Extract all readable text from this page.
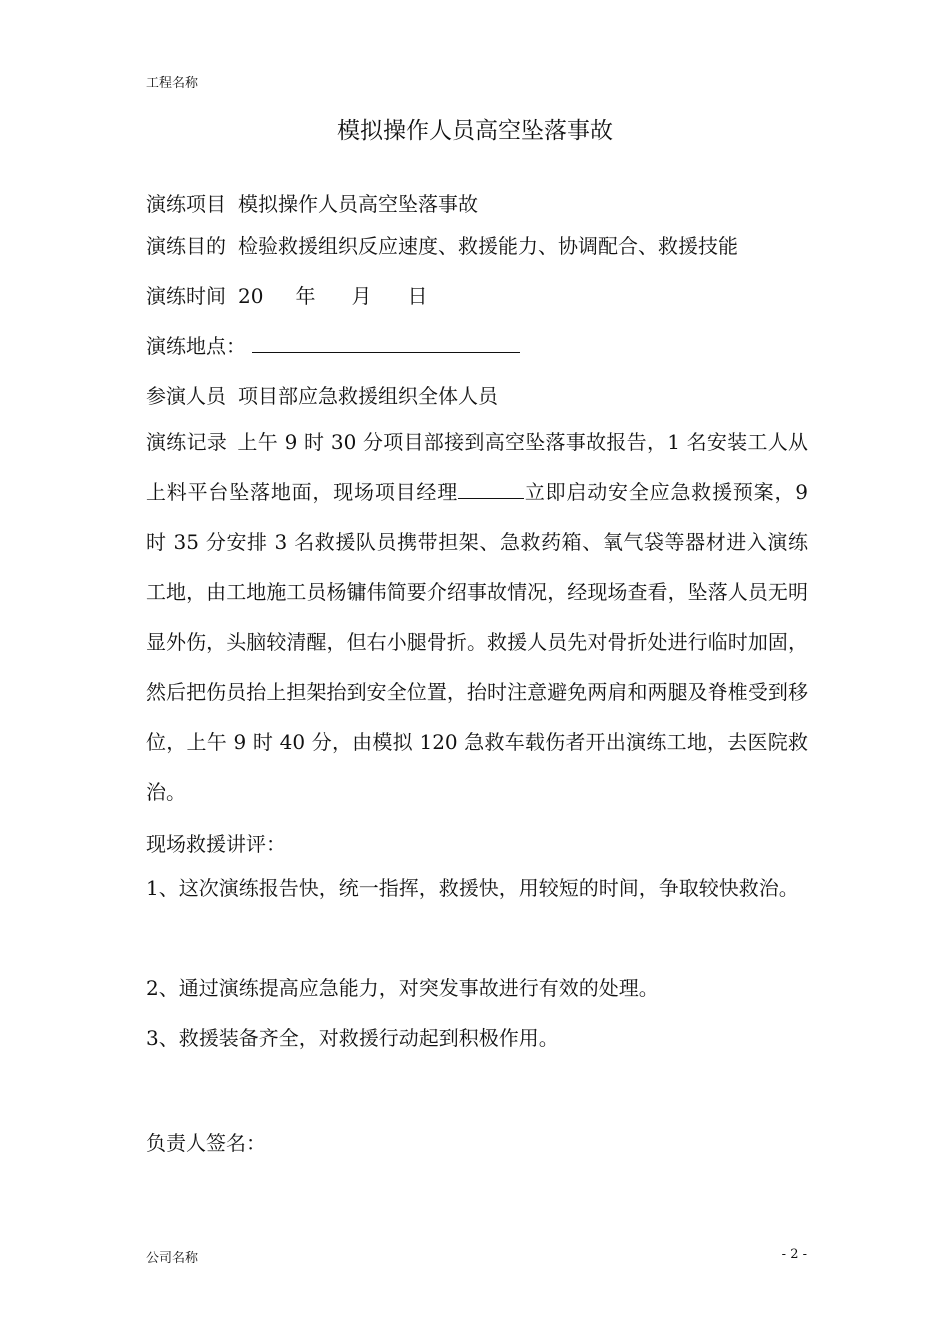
工程名称
模拟操作人员高空坠落事故
演练项目 模拟操作人员高空坠落事故
演练目的 检验救援组织反应速度、救援能力、协调配合、救援技能
演练时间 20 年 月 日
演练地点：
参演人员 项目部应急救援组织全体人员
演练记录 上午 9 时 30 分项目部接到高空坠落事故报告，1 名安装工人从上料平台坠落地面，现场项目经理	立即启动安全应急救援预案，9 时 35 分安排 3 名救援队员携带担架、急救药箱、氧气袋等器材进入演练工地，由工地施工员杨镛伟简要介绍事故情况，经现场查看，坠落人员无明显外伤，头脑较清醒，但右小腿骨折。救援人员先对骨折处进行临时加固，然后把伤员抬上担架抬到安全位置，抬时注意避免两肩和两腿及脊椎受到移位，上午 9 时 40 分，由模拟 120 急救车载伤者开出演练工地，去医院救治。
现场救援讲评：
1、这次演练报告快，统一指挥，救援快，用较短的时间，争取较快救治。
2、通过演练提高应急能力，对突发事故进行有效的处理。
3、救援装备齐全，对救援行动起到积极作用。
负责人签名：
公司名称	- 2 -
